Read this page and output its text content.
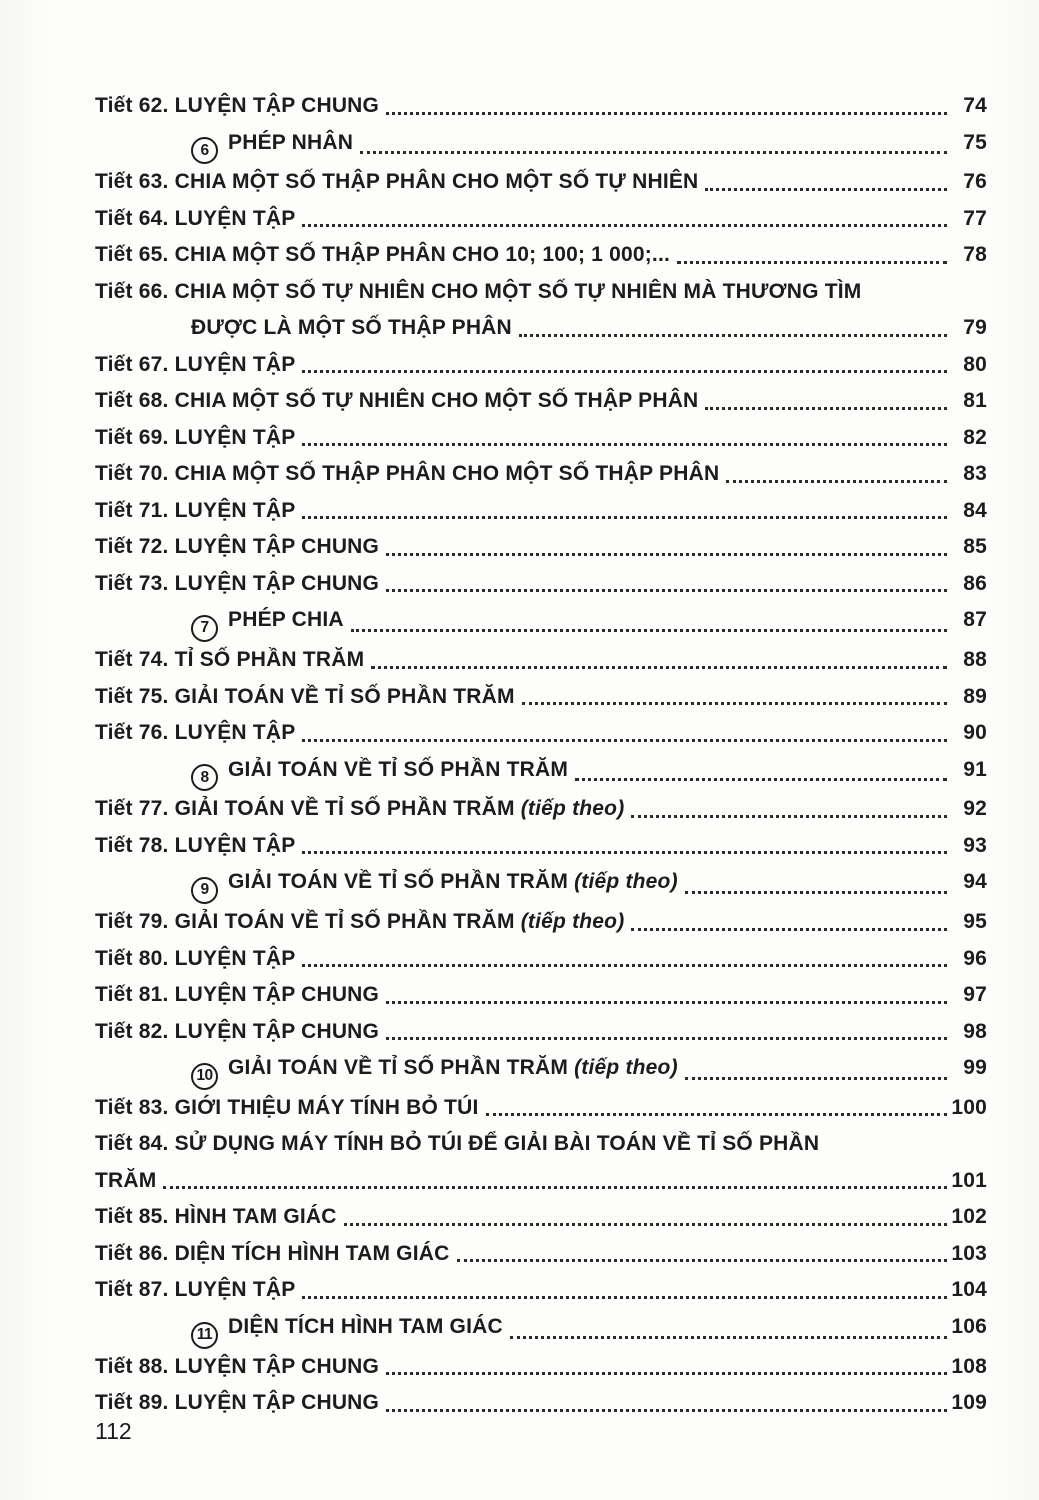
Tiết 62. LUYỆN TẬP CHUNG	74
6 PHÉP NHÂN	75
Tiết 63. CHIA MỘT SỐ THẬP PHÂN CHO MỘT SỐ TỰ NHIÊN	76
Tiết 64. LUYỆN TẬP	77
Tiết 65. CHIA MỘT SỐ THẬP PHÂN CHO 10; 100; 1 000;...	78
Tiết 66. CHIA MỘT SỐ TỰ NHIÊN CHO MỘT SỐ TỰ NHIÊN MÀ THƯƠNG TÌM
ĐƯỢC LÀ MỘT SỐ THẬP PHÂN	79
Tiết 67. LUYỆN TẬP	80
Tiết 68. CHIA MỘT SỐ TỰ NHIÊN CHO MỘT SỐ THẬP PHÂN	81
Tiết 69. LUYỆN TẬP	82
Tiết 70. CHIA MỘT SỐ THẬP PHÂN CHO MỘT SỐ THẬP PHÂN	83
Tiết 71. LUYỆN TẬP	84
Tiết 72. LUYỆN TẬP CHUNG	85
Tiết 73. LUYỆN TẬP CHUNG	86
7 PHÉP CHIA	87
Tiết 74. TỈ SỐ PHẦN TRĂM	88
Tiết 75. GIẢI TOÁN VỀ TỈ SỐ PHẦN TRĂM	89
Tiết 76. LUYỆN TẬP	90
8 GIẢI TOÁN VỀ TỈ SỐ PHẦN TRĂM	91
Tiết 77. GIẢI TOÁN VỀ TỈ SỐ PHẦN TRĂM (tiếp theo)	92
Tiết 78. LUYỆN TẬP	93
9 GIẢI TOÁN VỀ TỈ SỐ PHẦN TRĂM (tiếp theo)	94
Tiết 79. GIẢI TOÁN VỀ TỈ SỐ PHẦN TRĂM (tiếp theo)	95
Tiết 80. LUYỆN TẬP	96
Tiết 81. LUYỆN TẬP CHUNG	97
Tiết 82. LUYỆN TẬP CHUNG	98
10 GIẢI TOÁN VỀ TỈ SỐ PHẦN TRĂM (tiếp theo)	99
Tiết 83. GIỚI THIỆU MÁY TÍNH BỎ TÚI	100
Tiết 84. SỬ DỤNG MÁY TÍNH BỎ TÚI ĐỂ GIẢI BÀI TOÁN VỀ TỈ SỐ PHẦN
TRĂM	101
Tiết 85. HÌNH TAM GIÁC	102
Tiết 86. DIỆN TÍCH HÌNH TAM GIÁC	103
Tiết 87. LUYỆN TẬP	104
11 DIỆN TÍCH HÌNH TAM GIÁC	106
Tiết 88. LUYỆN TẬP CHUNG	108
Tiết 89. LUYỆN TẬP CHUNG	109
112
